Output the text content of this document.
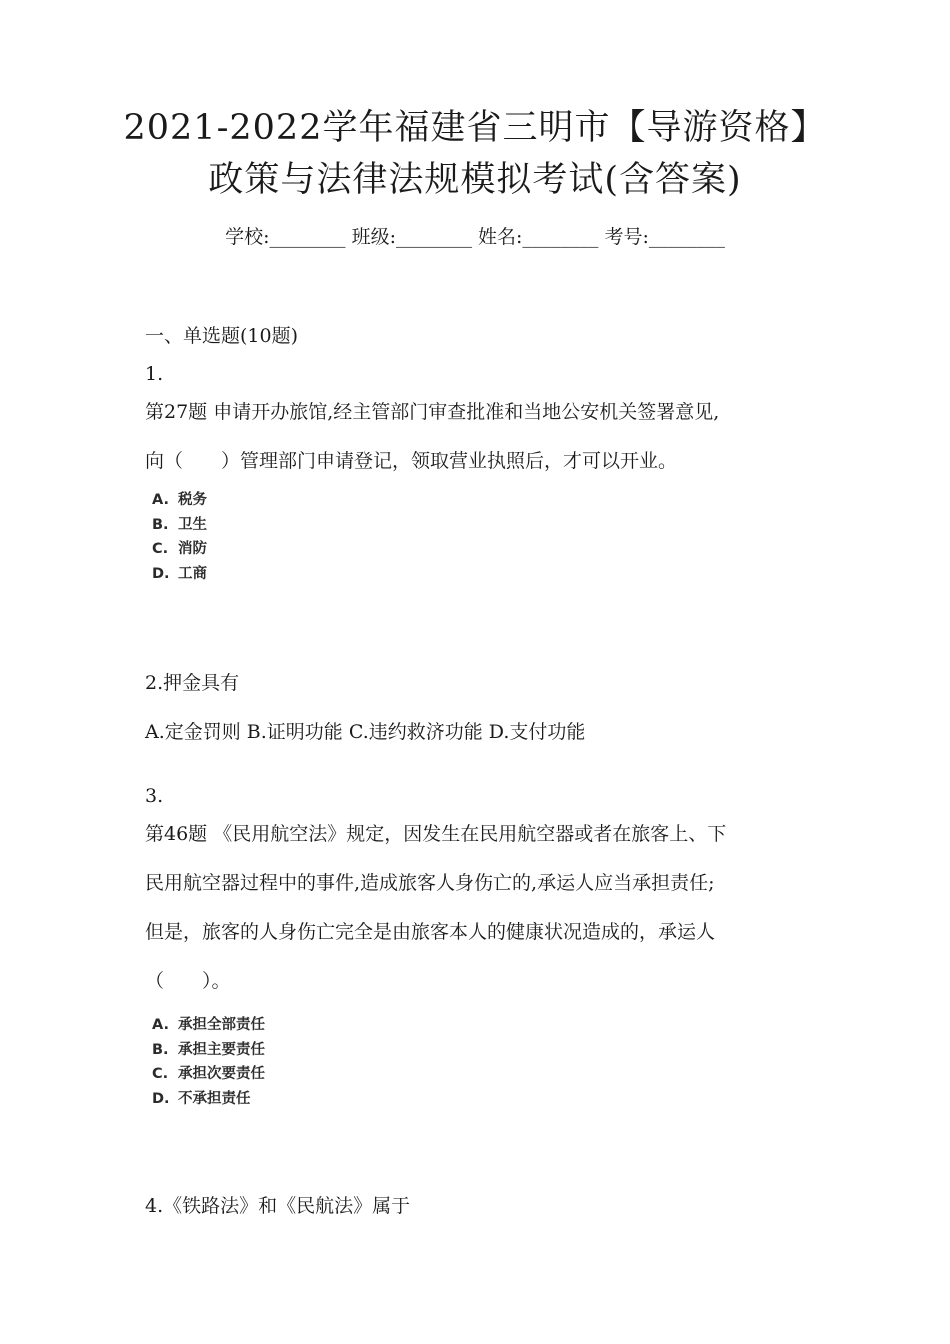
2021-2022学年福建省三明市【导游资格】
政策与法律法规模拟考试(含答案)
学校:________ 班级:________ 姓名:________ 考号:________
一、单选题(10题)
1.
第27题 申请开办旅馆,经主管部门审查批准和当地公安机关签署意见,
向（　　）管理部门申请登记，领取营业执照后，才可以开业。
A. 税务
B. 卫生
C. 消防
D. 工商
2.押金具有
A.定金罚则 B.证明功能 C.违约救济功能 D.支付功能
3.
第46题 《民用航空法》规定，因发生在民用航空器或者在旅客上、下
民用航空器过程中的事件,造成旅客人身伤亡的,承运人应当承担责任;
但是，旅客的人身伤亡完全是由旅客本人的健康状况造成的，承运人
（　　）。
A. 承担全部责任
B. 承担主要责任
C. 承担次要责任
D. 不承担责任
4.《铁路法》和《民航法》属于
